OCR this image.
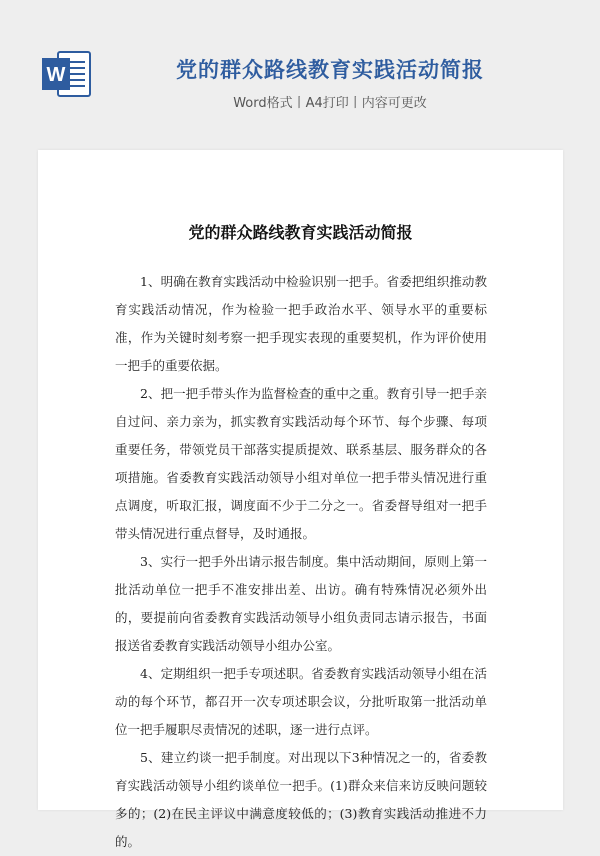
W	党的群众路线教育实践活动简报
Word格式丨A4打印丨内容可更改
党的群众路线教育实践活动简报

1、明确在教育实践活动中检验识别一把手。省委把组织推动教育实践活动情况，作为检验一把手政治水平、领导水平的重要标准，作为关键时刻考察一把手现实表现的重要契机，作为评价使用一把手的重要依据。

2、把一把手带头作为监督检查的重中之重。教育引导一把手亲自过问、亲力亲为，抓实教育实践活动每个环节、每个步骤、每项重要任务，带领党员干部落实提质提效、联系基层、服务群众的各项措施。省委教育实践活动领导小组对单位一把手带头情况进行重点调度，听取汇报，调度面不少于二分之一。省委督导组对一把手带头情况进行重点督导，及时通报。

3、实行一把手外出请示报告制度。集中活动期间，原则上第一批活动单位一把手不准安排出差、出访。确有特殊情况必须外出的，要提前向省委教育实践活动领导小组负责同志请示报告，书面报送省委教育实践活动领导小组办公室。

4、定期组织一把手专项述职。省委教育实践活动领导小组在活动的每个环节，都召开一次专项述职会议，分批听取第一批活动单位一把手履职尽责情况的述职，逐一进行点评。

5、建立约谈一把手制度。对出现以下3种情况之一的，省委教育实践活动领导小组约谈单位一把手。(1)群众来信来访反映问题较多的；(2)在民主评议中满意度较低的；(3)教育实践活动推进不力的。
